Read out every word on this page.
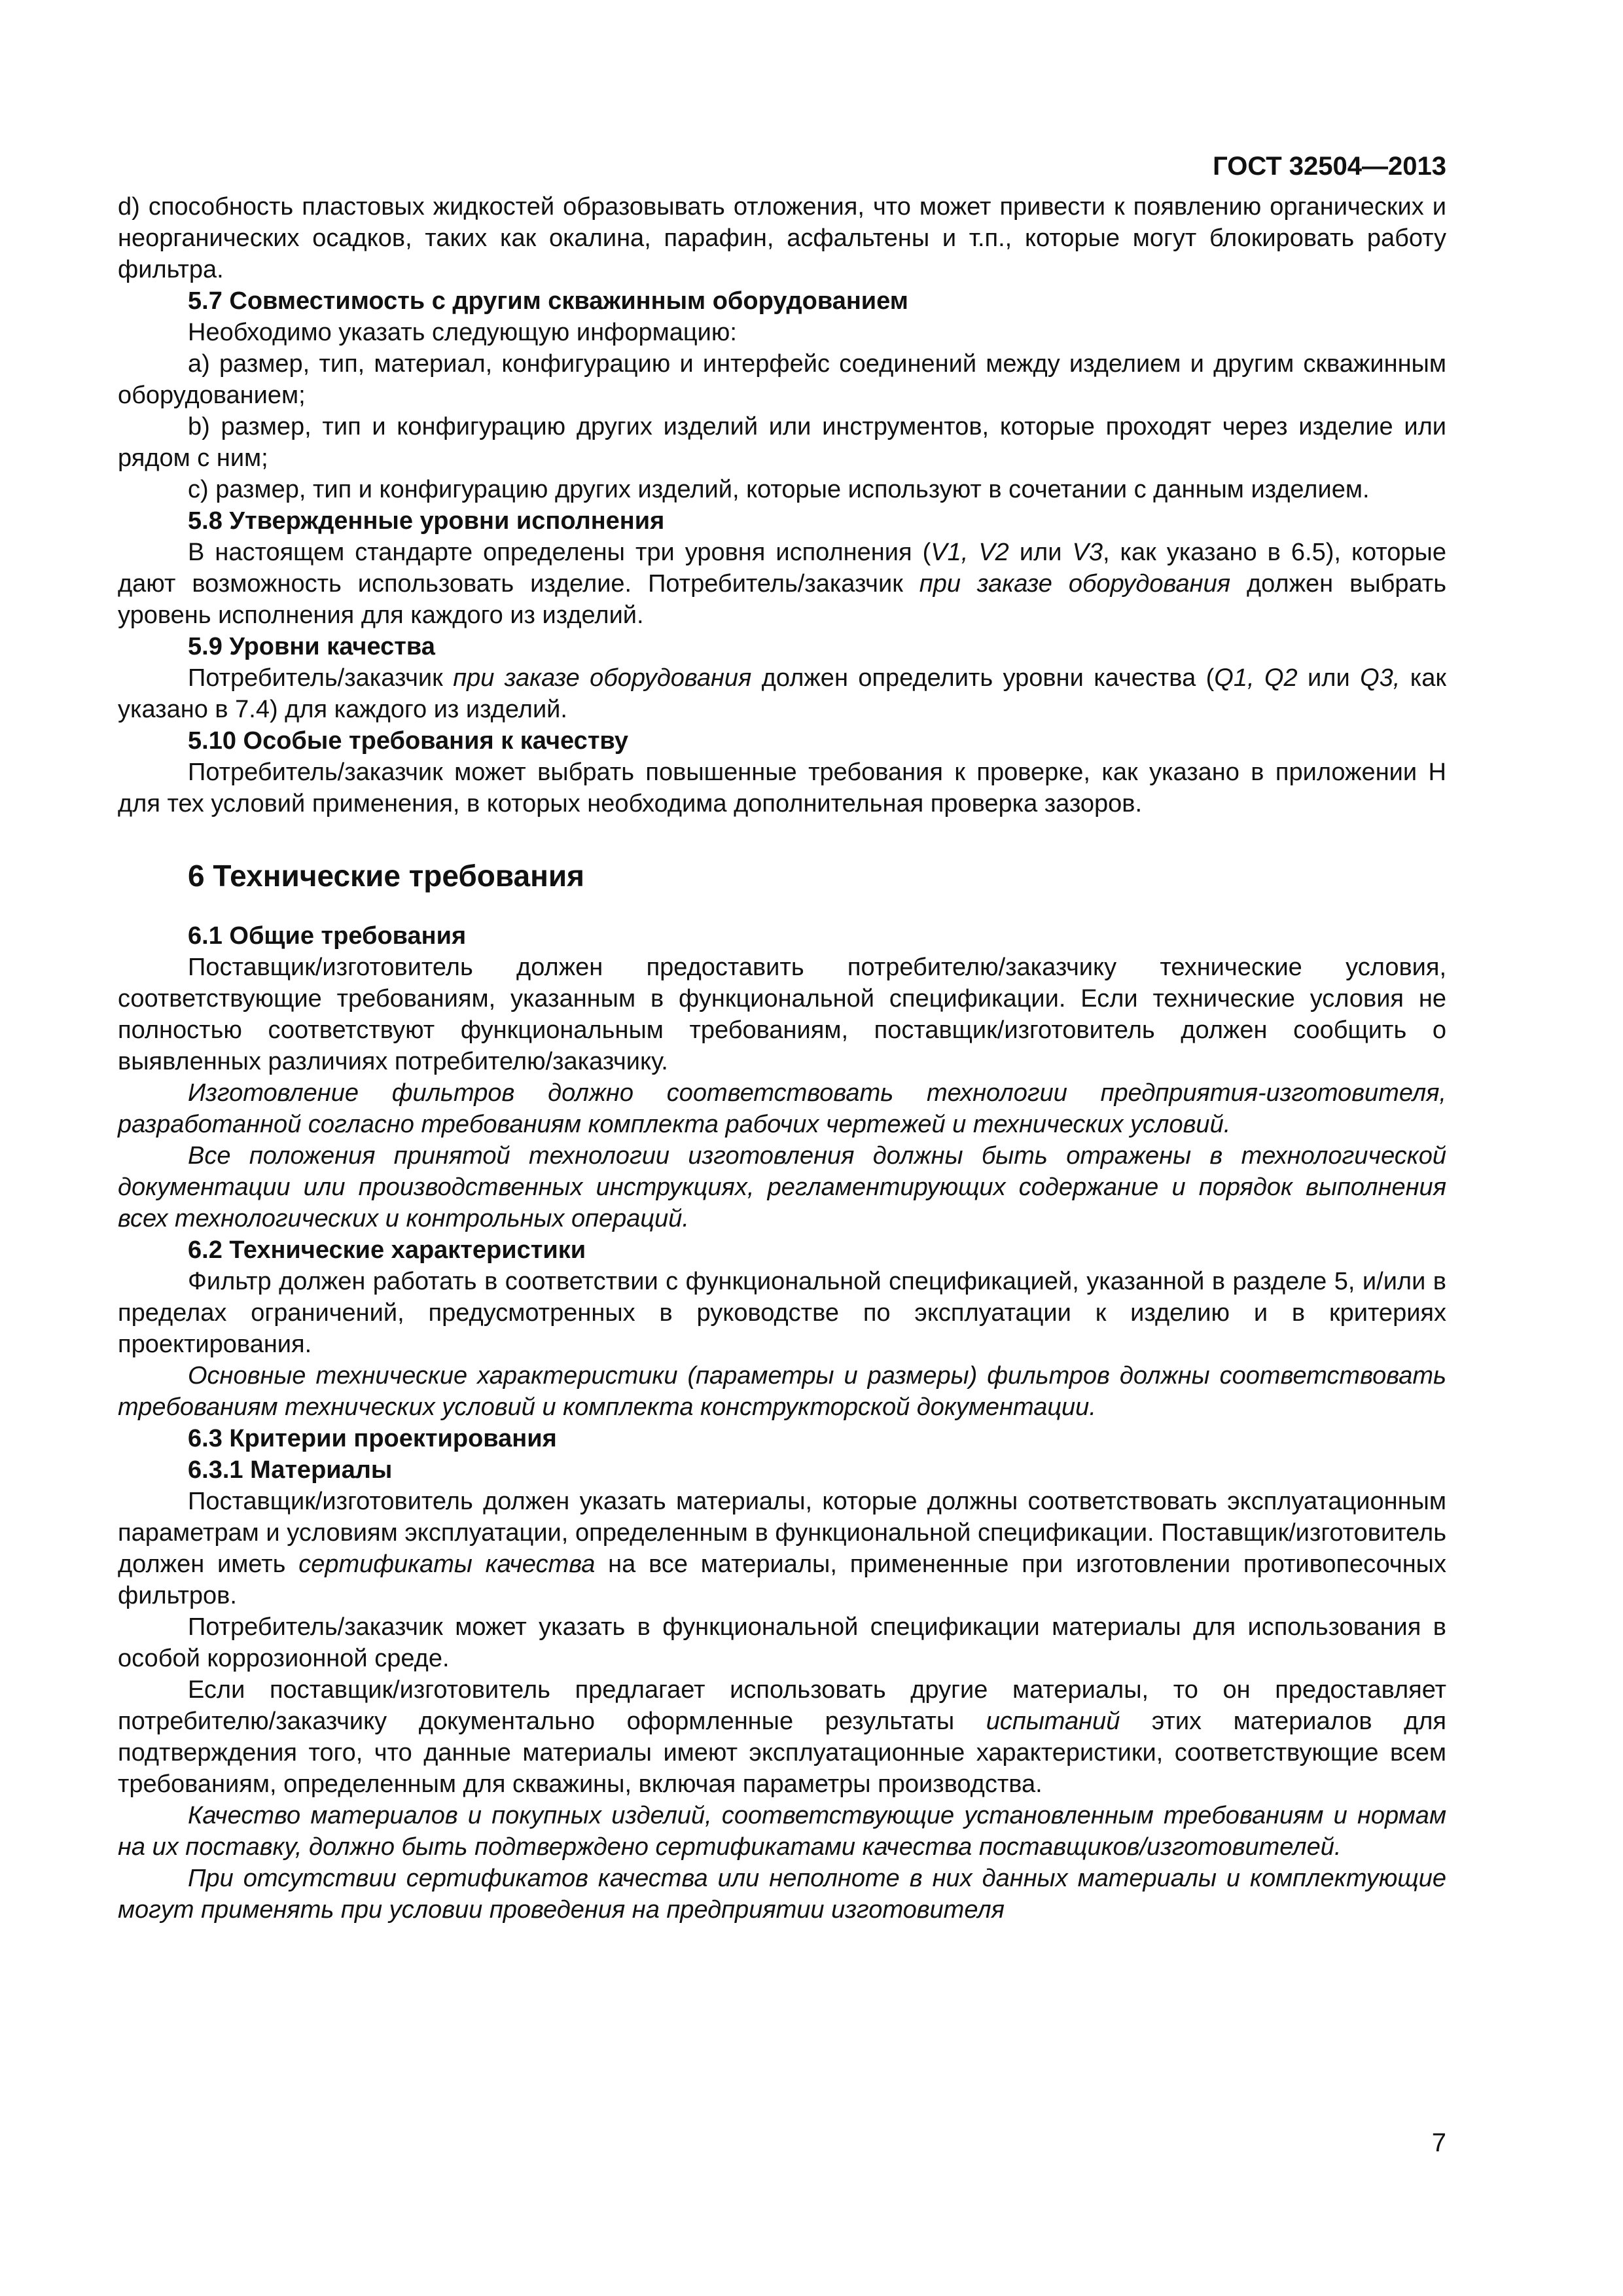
ГОСТ 32504—2013

d) способность пластовых жидкостей образовывать отложения, что может привести к появлению органических и неорганических осадков, таких как окалина, парафин, асфальтены и т.п., которые могут блокировать работу фильтра.

5.7 Совместимость с другим скважинным оборудованием

Необходимо указать следующую информацию:

а) размер, тип, материал, конфигурацию и интерфейс соединений между изделием и другим скважинным оборудованием;

b) размер, тип и конфигурацию других изделий или инструментов, которые проходят через изделие или рядом с ним;

с) размер, тип и конфигурацию других изделий, которые используют в сочетании с данным изделием.

5.8 Утвержденные уровни исполнения

В настоящем стандарте определены три уровня исполнения (V1, V2 или V3, как указано в 6.5), которые дают возможность использовать изделие. Потребитель/заказчик при заказе оборудования должен выбрать уровень исполнения для каждого из изделий.

5.9 Уровни качества

Потребитель/заказчик при заказе оборудования должен определить уровни качества (Q1, Q2 или Q3, как указано в 7.4) для каждого из изделий.

5.10 Особые требования к качеству

Потребитель/заказчик может выбрать повышенные требования к проверке, как указано в приложении H для тех условий применения, в которых необходима дополнительная проверка зазоров.

6 Технические требования
6.1 Общие требования

Поставщик/изготовитель должен предоставить потребителю/заказчику технические условия, соответствующие требованиям, указанным в функциональной спецификации. Если технические условия не полностью соответствуют функциональным требованиям, поставщик/изготовитель должен сообщить о выявленных различиях потребителю/заказчику.

Изготовление фильтров должно соответствовать технологии предприятия-изготовителя, разработанной согласно требованиям комплекта рабочих чертежей и технических условий.

Все положения принятой технологии изготовления должны быть отражены в технологической документации или производственных инструкциях, регламентирующих содержание и порядок выполнения всех технологических и контрольных операций.

6.2 Технические характеристики

Фильтр должен работать в соответствии с функциональной спецификацией, указанной в разделе 5, и/или в пределах ограничений, предусмотренных в руководстве по эксплуатации к изделию и в критериях проектирования.

Основные технические характеристики (параметры и размеры) фильтров должны соответствовать требованиям технических условий и комплекта конструкторской документации.

6.3 Критерии проектирования
6.3.1 Материалы

Поставщик/изготовитель должен указать материалы, которые должны соответствовать эксплуатационным параметрам и условиям эксплуатации, определенным в функциональной спецификации. Поставщик/изготовитель должен иметь сертификаты качества на все материалы, примененные при изготовлении противопесочных фильтров.

Потребитель/заказчик может указать в функциональной спецификации материалы для использования в особой коррозионной среде.

Если поставщик/изготовитель предлагает использовать другие материалы, то он предоставляет потребителю/заказчику документально оформленные результаты испытаний этих материалов для подтверждения того, что данные материалы имеют эксплуатационные характеристики, соответствующие всем требованиям, определенным для скважины, включая параметры производства.

Качество материалов и покупных изделий, соответствующие установленным требованиям и нормам на их поставку, должно быть подтверждено сертификатами качества поставщиков/изготовителей.

При отсутствии сертификатов качества или неполноте в них данных материалы и комплектующие могут применять при условии проведения на предприятии изготовителя

7
